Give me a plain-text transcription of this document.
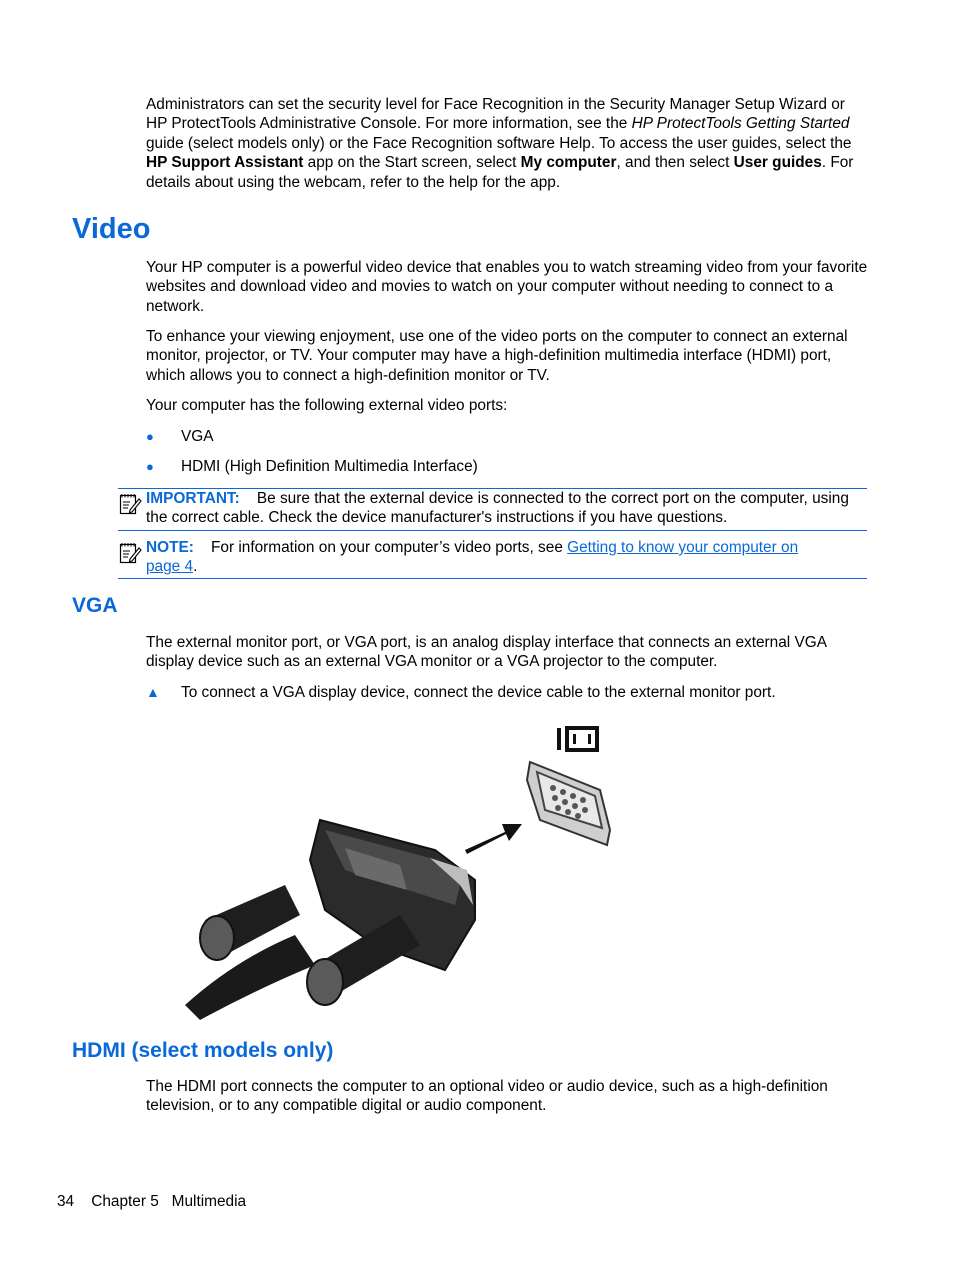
Administrators can set the security level for Face Recognition in the Security Manager Setup Wizard or HP ProtectTools Administrative Console. For more information, see the HP ProtectTools Getting Started guide (select models only) or the Face Recognition software Help. To access the user guides, select the HP Support Assistant app on the Start screen, select My computer, and then select User guides. For details about using the webcam, refer to the help for the app.

Video

Your HP computer is a powerful video device that enables you to watch streaming video from your favorite websites and download video and movies to watch on your computer without needing to connect to a network.

To enhance your viewing enjoyment, use one of the video ports on the computer to connect an external monitor, projector, or TV. Your computer may have a high-definition multimedia interface (HDMI) port, which allows you to connect a high-definition monitor or TV.

Your computer has the following external video ports:

● VGA
● HDMI (High Definition Multimedia Interface)
IMPORTANT: Be sure that the external device is connected to the correct port on the computer, using the correct cable. Check the device manufacturer's instructions if you have questions.
NOTE: For information on your computer’s video ports, see Getting to know your computer on page 4.
VGA

The external monitor port, or VGA port, is an analog display interface that connects an external VGA display device such as an external VGA monitor or a VGA projector to the computer.

▲ To connect a VGA display device, connect the device cable to the external monitor port.
HDMI (select models only)

The HDMI port connects the computer to an optional video or audio device, such as a high-definition television, or to any compatible digital or audio component.

34 Chapter 5 Multimedia
